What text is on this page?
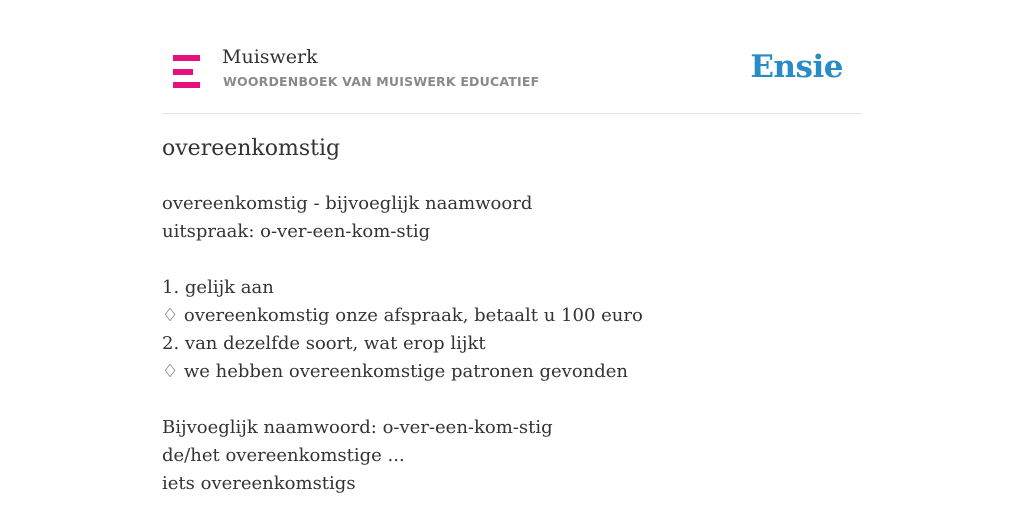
Muiswerk
WOORDENBOEK VAN MUISWERK EDUCATIEF	Ensie
overeenkomstig
overeenkomstig - bijvoeglijk naamwoord
uitspraak: o-ver-een-kom-stig
1. gelijk aan
♢ overeenkomstig onze afspraak, betaalt u 100 euro
2. van dezelfde soort, wat erop lijkt
♢ we hebben overeenkomstige patronen gevonden
Bijvoeglijk naamwoord: o-ver-een-kom-stig
de/het overeenkomstige ...
iets overeenkomstigs
